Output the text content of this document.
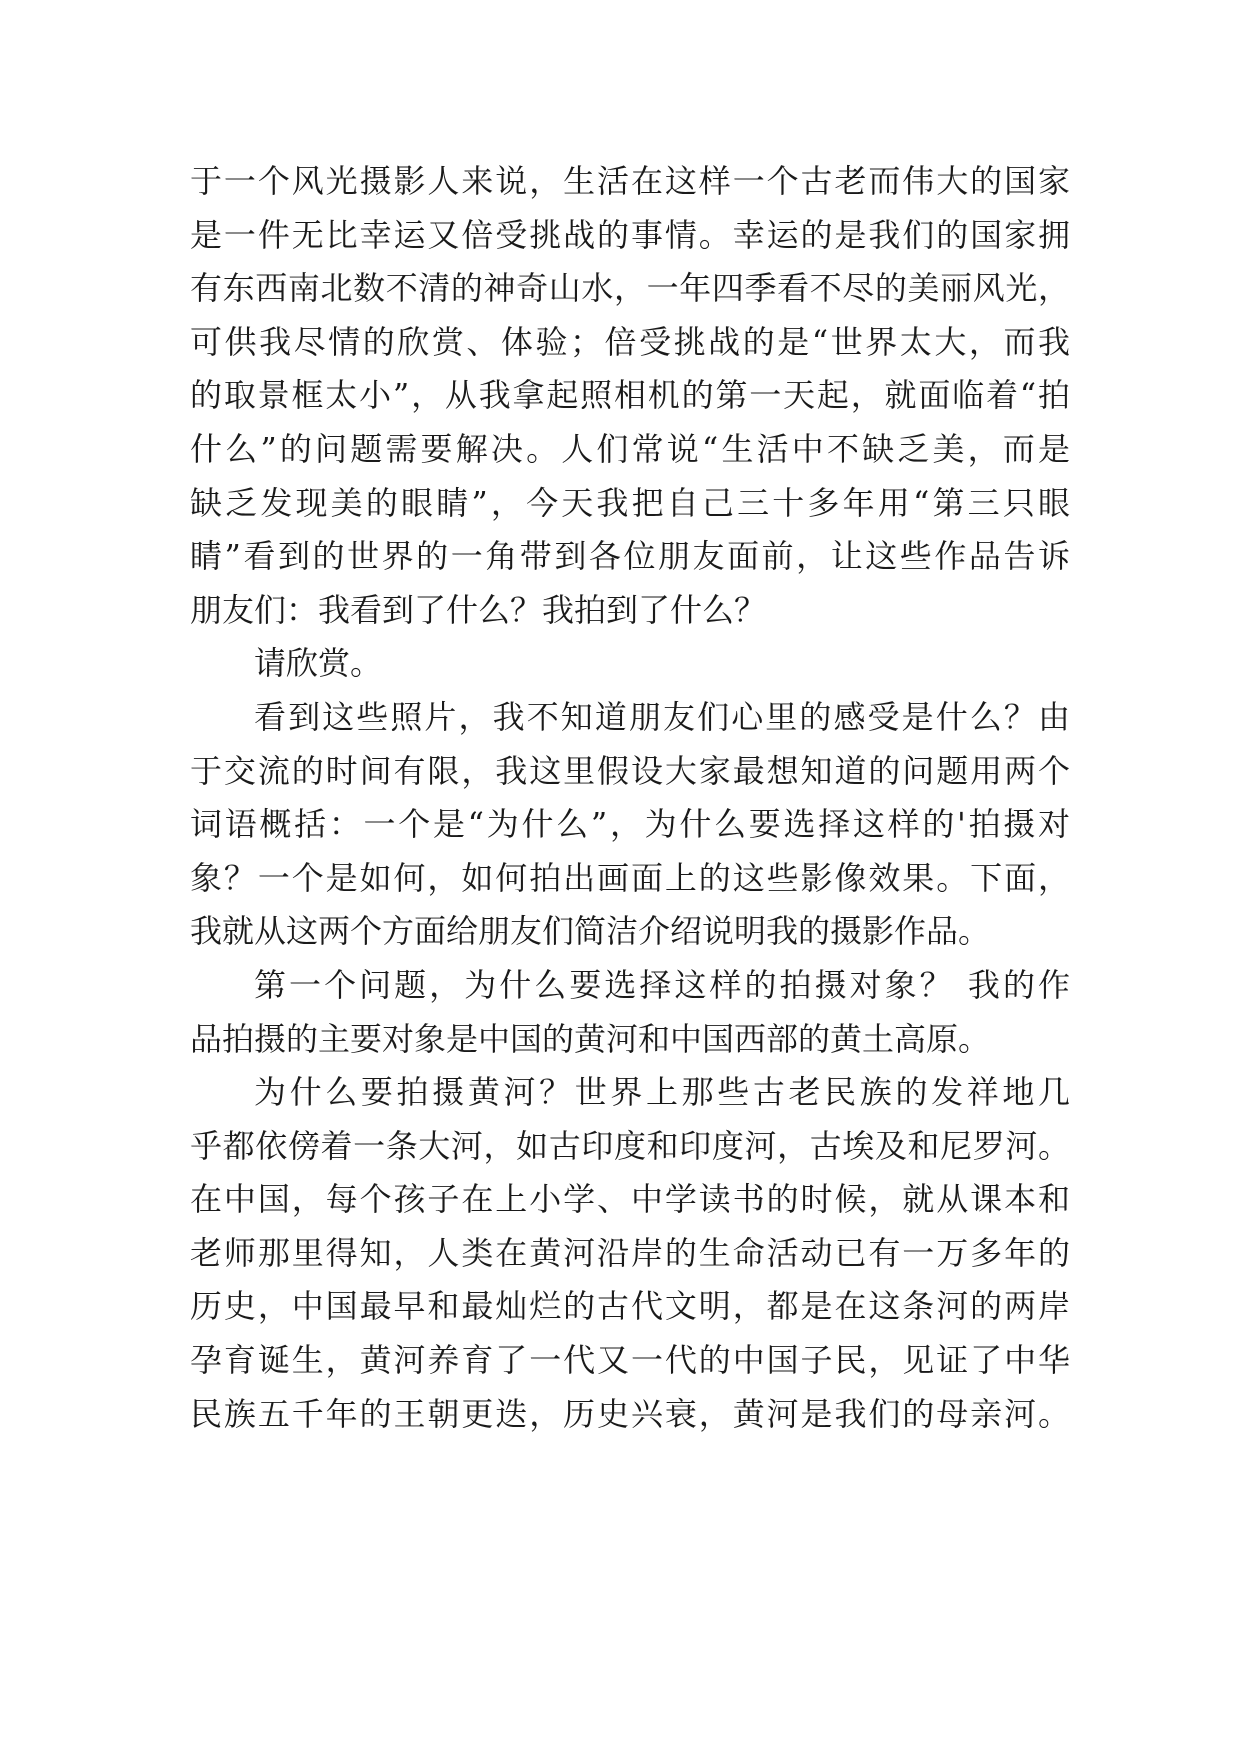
于一个风光摄影人来说，生活在这样一个古老而伟大的国家
是一件无比幸运又倍受挑战的事情。幸运的是我们的国家拥
有东西南北数不清的神奇山水，一年四季看不尽的美丽风光，
可供我尽情的欣赏、体验；倍受挑战的是“世界太大，而我
的取景框太小”，从我拿起照相机的第一天起，就面临着“拍
什么”的问题需要解决。人们常说“生活中不缺乏美，而是
缺乏发现美的眼睛”，今天我把自己三十多年用“第三只眼
睛”看到的世界的一角带到各位朋友面前，让这些作品告诉
朋友们：我看到了什么？我拍到了什么？
请欣赏。
看到这些照片，我不知道朋友们心里的感受是什么？由
于交流的时间有限，我这里假设大家最想知道的问题用两个
词语概括：一个是“为什么”，为什么要选择这样的'拍摄对
象？一个是如何，如何拍出画面上的这些影像效果。下面，
我就从这两个方面给朋友们简洁介绍说明我的摄影作品。
第一个问题，为什么要选择这样的拍摄对象？ 我的作
品拍摄的主要对象是中国的黄河和中国西部的黄土高原。
为什么要拍摄黄河？世界上那些古老民族的发祥地几
乎都依傍着一条大河，如古印度和印度河，古埃及和尼罗河。
在中国，每个孩子在上小学、中学读书的时候，就从课本和
老师那里得知，人类在黄河沿岸的生命活动已有一万多年的
历史，中国最早和最灿烂的古代文明，都是在这条河的两岸
孕育诞生，黄河养育了一代又一代的中国子民，见证了中华
民族五千年的王朝更迭，历史兴衰，黄河是我们的母亲河。
